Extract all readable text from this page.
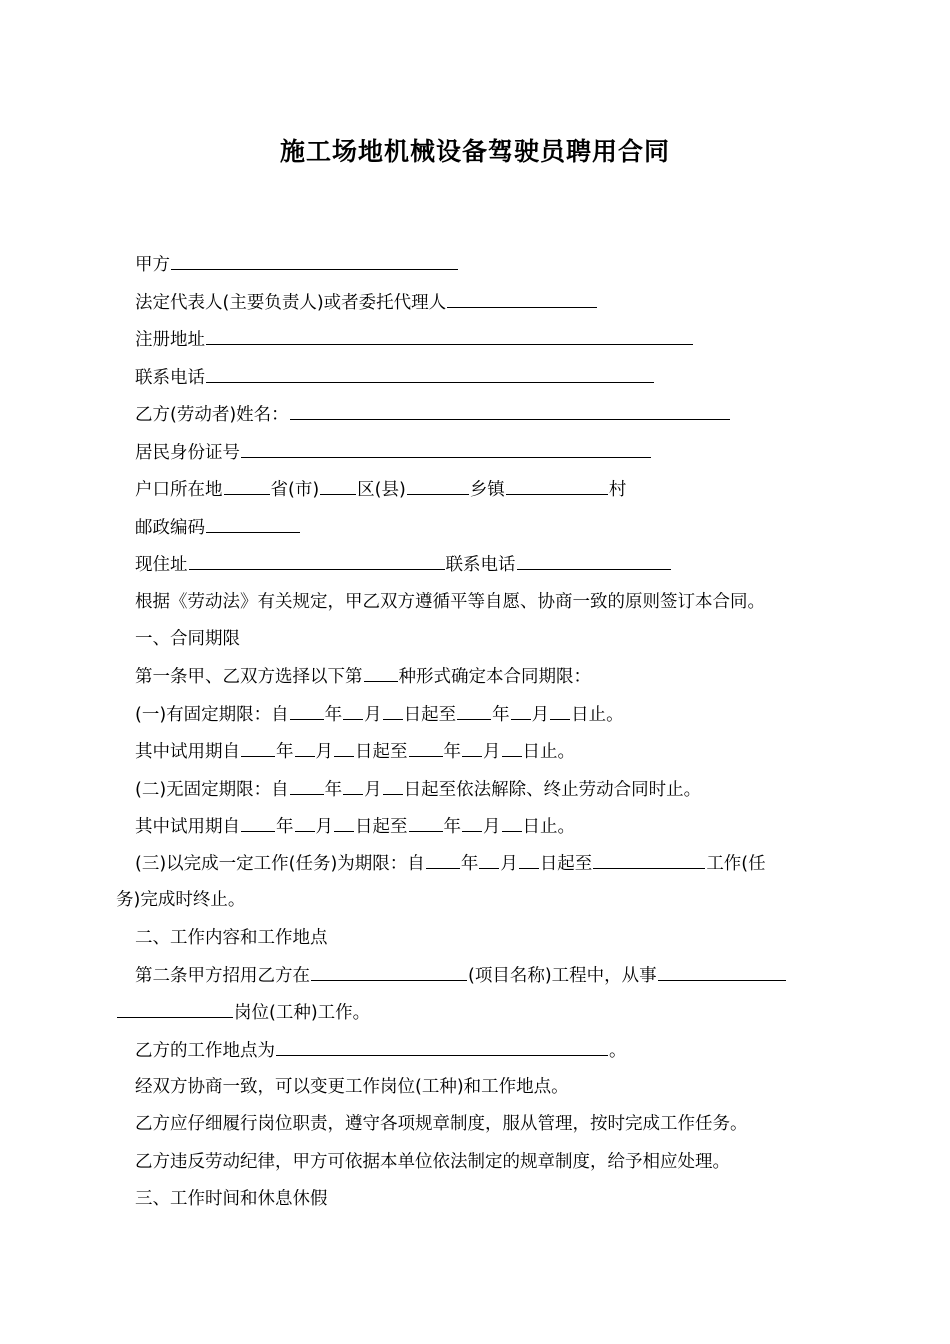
施工场地机械设备驾驶员聘用合同
甲方
法定代表人(主要负责人)或者委托代理人
注册地址
联系电话
乙方(劳动者)姓名：
居民身份证号
户口所在地	省(市) 区(县)	乡镇	村
邮政编码
现住址	联系电话
根据《劳动法》有关规定，甲乙双方遵循平等自愿、协商一致的原则签订本合同。
一、合同期限
第一条甲、乙双方选择以下第 种形式确定本合同期限：
(一)有固定期限：自 年 月 日起至 年 月 日止。
其中试用期自 年 月 日起至 年 月 日止。
(二)无固定期限：自 年 月 日起至依法解除、终止劳动合同时止。
其中试用期自 年 月 日起至 年 月 日止。
(三)以完成一定工作(任务)为期限：自 年 月 日起至	工作(任
务)完成时终止。
二、工作内容和工作地点
第二条甲方招用乙方在	(项目名称)工程中，从事
岗位(工种)工作。
乙方的工作地点为	。
经双方协商一致，可以变更工作岗位(工种)和工作地点。
乙方应仔细履行岗位职责，遵守各项规章制度，服从管理，按时完成工作任务。
乙方违反劳动纪律，甲方可依据本单位依法制定的规章制度，给予相应处理。
三、工作时间和休息休假
